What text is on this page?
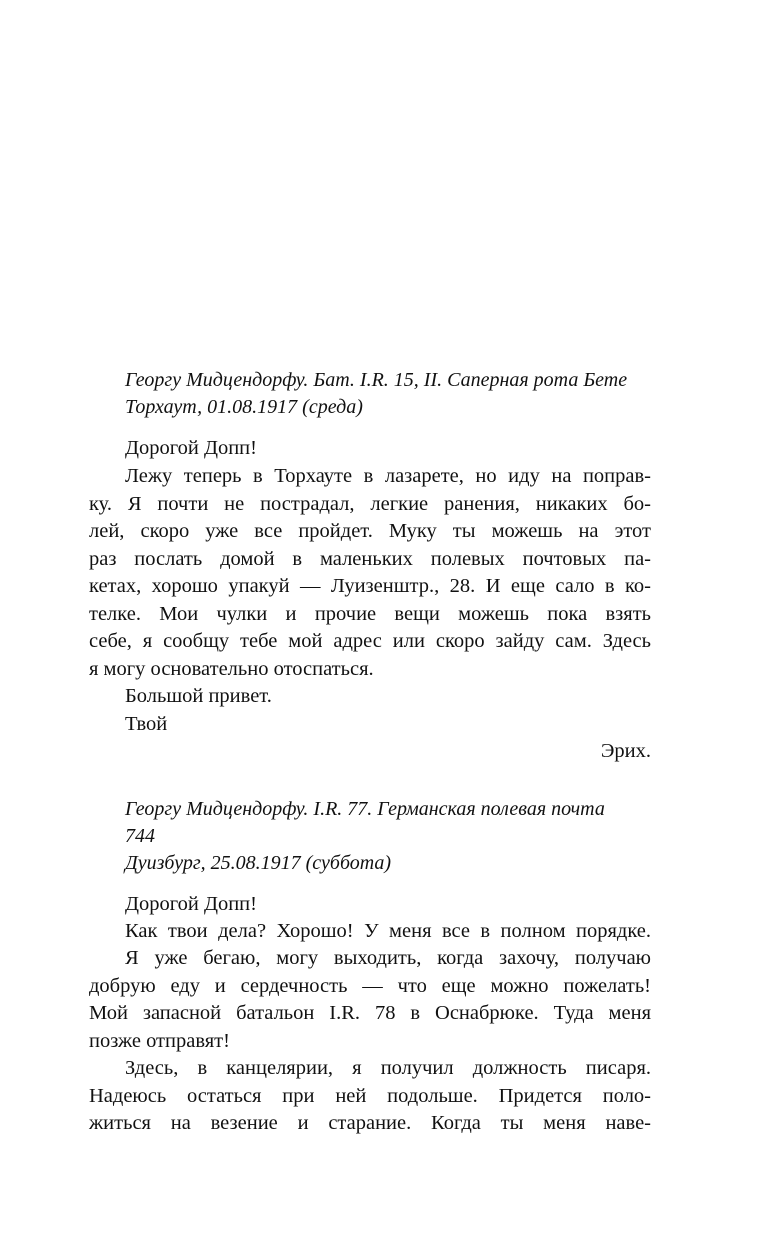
Георгу Мидцендорфу. Бат. I.R. 15, II. Саперная рота Бете
Торхаут, 01.08.1917 (среда)
Дорогой Допп!
Лежу теперь в Торхауте в лазарете, но иду на поправ-
ку. Я почти не пострадал, легкие ранения, никаких бо-
лей, скоро уже все пройдет. Муку ты можешь на этот
раз послать домой в маленьких полевых почтовых па-
кетах, хорошо упакуй — Луизенштр., 28. И еще сало в ко-
телке. Мои чулки и прочие вещи можешь пока взять
себе, я сообщу тебе мой адрес или скоро зайду сам. Здесь
я могу основательно отоспаться.
Большой привет.
Твой
Эрих.
Георгу Мидцендорфу. I.R. 77. Германская полевая почта
744
Дуизбург, 25.08.1917 (суббота)
Дорогой Допп!
Как твои дела? Хорошо! У меня все в полном порядке.
Я уже бегаю, могу выходить, когда захочу, получаю
добрую еду и сердечность — что еще можно пожелать!
Мой запасной батальон I.R. 78 в Оснабрюке. Туда меня
позже отправят!
Здесь, в канцелярии, я получил должность писаря.
Надеюсь остаться при ней подольше. Придется поло-
житься на везение и старание. Когда ты меня наве-
